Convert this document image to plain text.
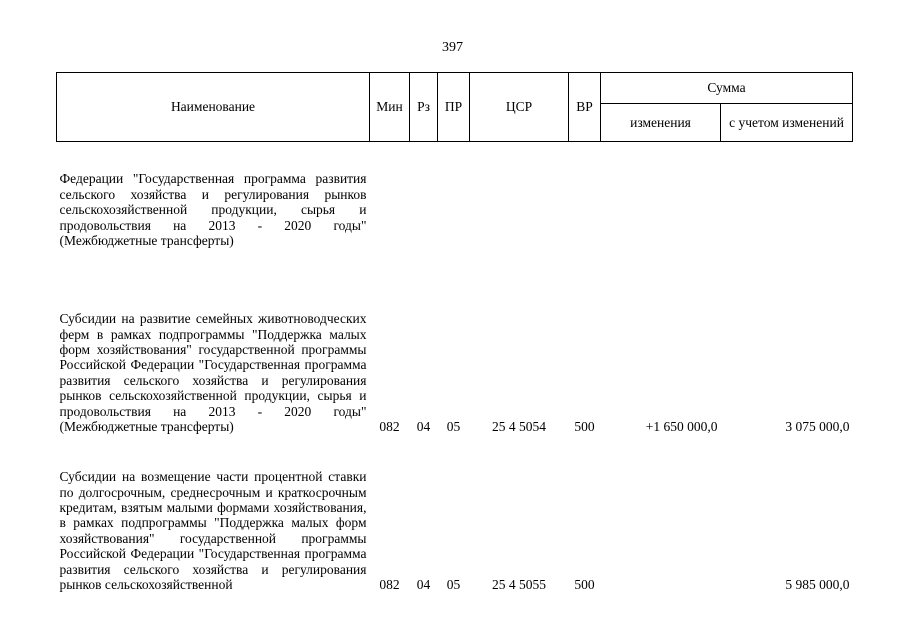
397
Наименование	Мин	Рз	ПР	ЦСР	ВР	Сумма	
						изменения	с учетом изменений

Федерации "Государственная программа развития сельского хозяйства и регулирования рынков сельскохозяйственной продукции, сырья и продовольствия на 2013 - 2020 годы" (Межбюджетные трансферты)							

Субсидии на развитие семейных животноводческих ферм в рамках подпрограммы "Поддержка малых форм хозяйствования" государственной программы Российской Федерации "Государственная программа развития сельского хозяйства и регулирования рынков сельскохозяйственной продукции, сырья и продовольствия на 2013 - 2020 годы" (Межбюджетные трансферты)	082	04	05	25 4 5054	500	+1 650 000,0	3 075 000,0

Субсидии на возмещение части процентной ставки по долгосрочным, среднесрочным и краткосрочным кредитам, взятым малыми формами хозяйствования, в рамках подпрограммы "Поддержка малых форм хозяйствования" государственной программы Российской Федерации "Государственная программа развития сельского хозяйства и регулирования рынков сельскохозяйственной	082	04	05	25 4 5055	500		5 985 000,0
